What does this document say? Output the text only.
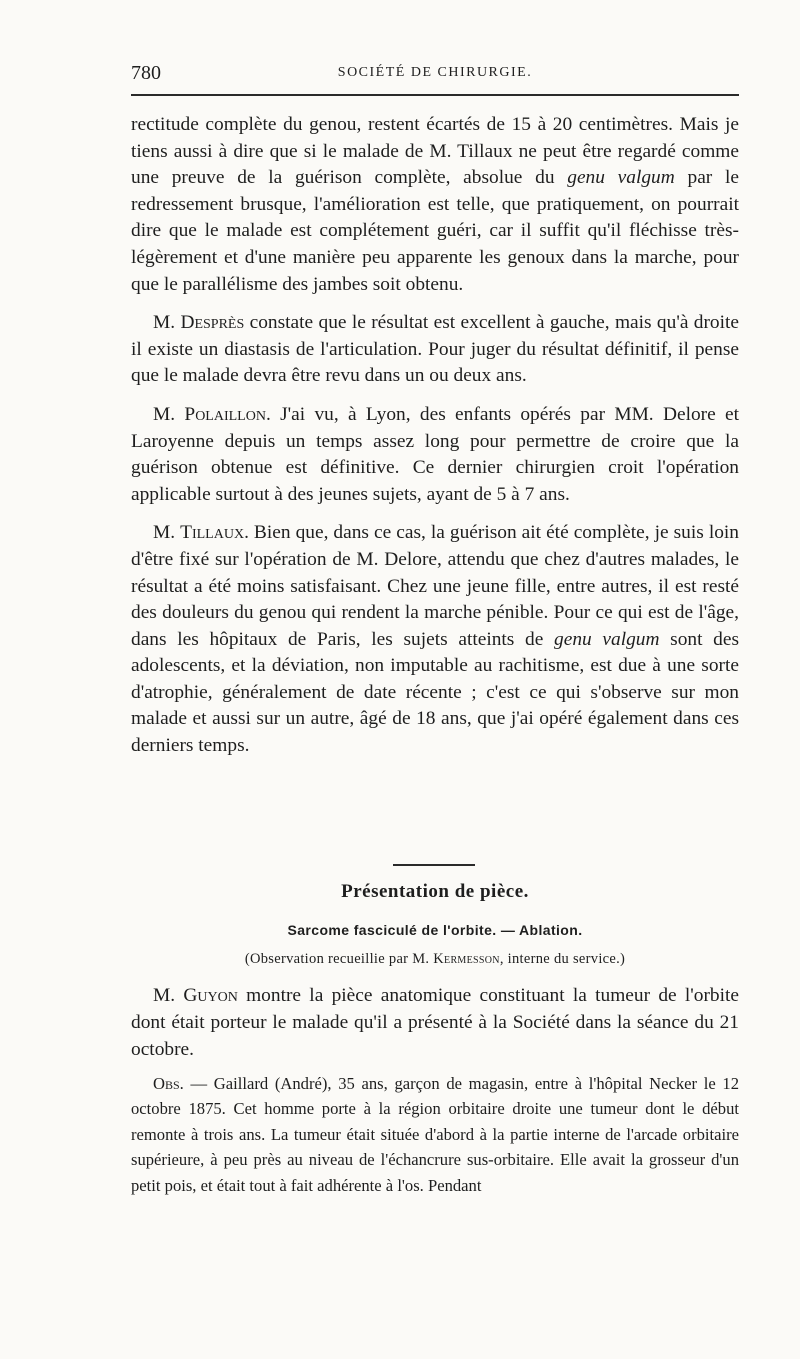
780	SOCIÉTÉ DE CHIRURGIE.

rectitude complète du genou, restent écartés de 15 à 20 centimètres. Mais je tiens aussi à dire que si le malade de M. Tillaux ne peut être regardé comme une preuve de la guérison complète, absolue du genu valgum par le redressement brusque, l'amélioration est telle, que pratiquement, on pourrait dire que le malade est complétement guéri, car il suffit qu'il fléchisse très-légèrement et d'une manière peu apparente les genoux dans la marche, pour que le parallélisme des jambes soit obtenu.

M. Desprès constate que le résultat est excellent à gauche, mais qu'à droite il existe un diastasis de l'articulation. Pour juger du résultat définitif, il pense que le malade devra être revu dans un ou deux ans.

M. Polaillon. J'ai vu, à Lyon, des enfants opérés par MM. Delore et Laroyenne depuis un temps assez long pour permettre de croire que la guérison obtenue est définitive. Ce dernier chirurgien croit l'opération applicable surtout à des jeunes sujets, ayant de 5 à 7 ans.

M. Tillaux. Bien que, dans ce cas, la guérison ait été complète, je suis loin d'être fixé sur l'opération de M. Delore, attendu que chez d'autres malades, le résultat a été moins satisfaisant. Chez une jeune fille, entre autres, il est resté des douleurs du genou qui rendent la marche pénible. Pour ce qui est de l'âge, dans les hôpitaux de Paris, les sujets atteints de genu valgum sont des adolescents, et la déviation, non imputable au rachitisme, est due à une sorte d'atrophie, généralement de date récente ; c'est ce qui s'observe sur mon malade et aussi sur un autre, âgé de 18 ans, que j'ai opéré également dans ces derniers temps.

Présentation de pièce.
Sarcome fasciculé de l'orbite. — Ablation.
(Observation recueillie par M. Kermesson, interne du service.)

M. Guyon montre la pièce anatomique constituant la tumeur de l'orbite dont était porteur le malade qu'il a présenté à la Société dans la séance du 21 octobre.

Obs. — Gaillard (André), 35 ans, garçon de magasin, entre à l'hôpital Necker le 12 octobre 1875. Cet homme porte à la région orbitaire droite une tumeur dont le début remonte à trois ans. La tumeur était située d'abord à la partie interne de l'arcade orbitaire supérieure, à peu près au niveau de l'échancrure sus-orbitaire. Elle avait la grosseur d'un petit pois, et était tout à fait adhérente à l'os. Pendant
